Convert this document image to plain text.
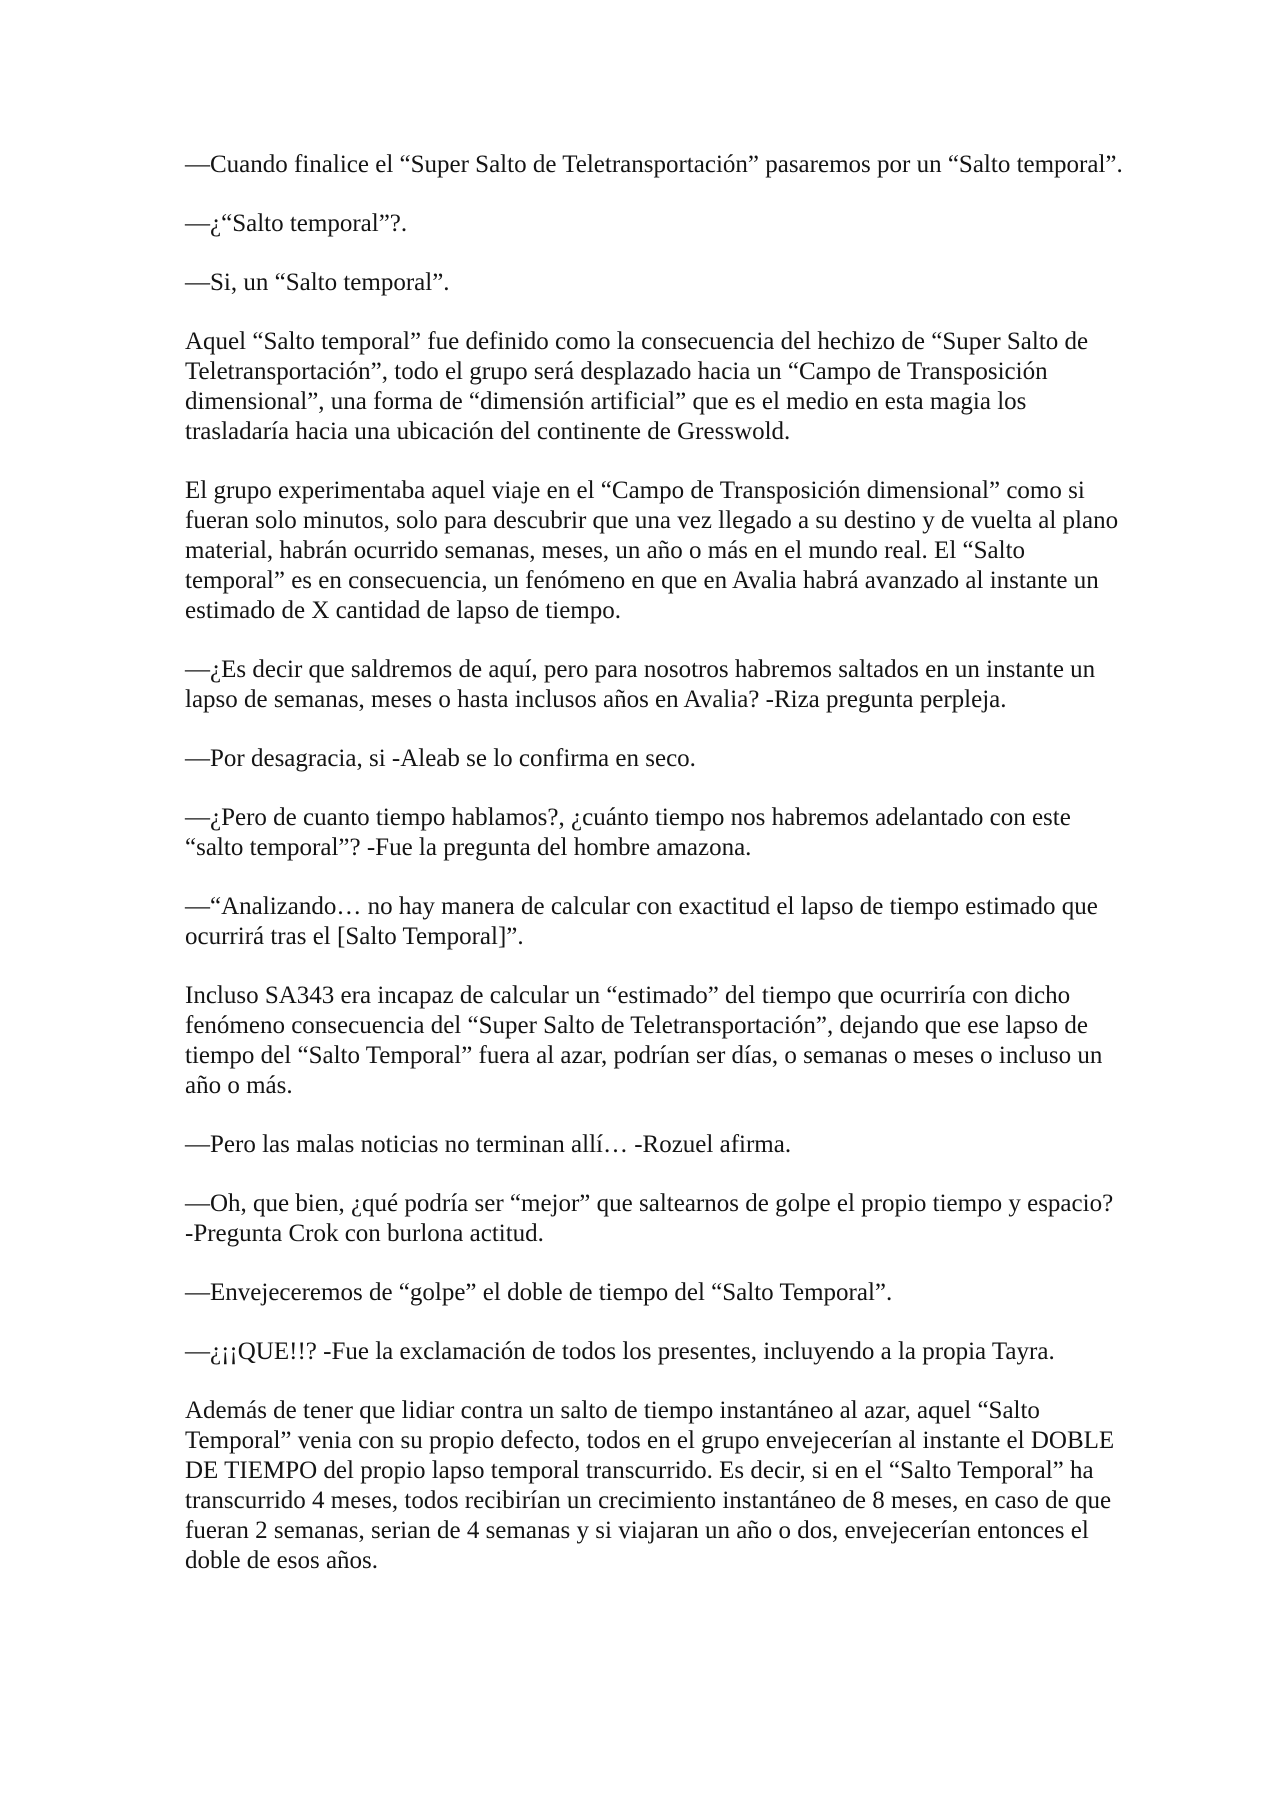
—Cuando finalice el “Super Salto de Teletransportación” pasaremos por un “Salto temporal”.

—¿“Salto temporal”?.

—Si, un “Salto temporal”.

Aquel “Salto temporal” fue definido como la consecuencia del hechizo de “Super Salto de Teletransportación”, todo el grupo será desplazado hacia un “Campo de Transposición dimensional”, una forma de “dimensión artificial” que es el medio en esta magia los trasladaría hacia una ubicación del continente de Gresswold.

El grupo experimentaba aquel viaje en el “Campo de Transposición dimensional” como si fueran solo minutos, solo para descubrir que una vez llegado a su destino y de vuelta al plano material, habrán ocurrido semanas, meses, un año o más en el mundo real. El “Salto temporal” es en consecuencia, un fenómeno en que en Avalia habrá avanzado al instante un estimado de X cantidad de lapso de tiempo.

—¿Es decir que saldremos de aquí, pero para nosotros habremos saltados en un instante un lapso de semanas, meses o hasta inclusos años en Avalia? -Riza pregunta perpleja.

—Por desagracia, si -Aleab se lo confirma en seco.

—¿Pero de cuanto tiempo hablamos?, ¿cuánto tiempo nos habremos adelantado con este “salto temporal”? -Fue la pregunta del hombre amazona.

—“Analizando… no hay manera de calcular con exactitud el lapso de tiempo estimado que ocurrirá tras el [Salto Temporal]”.

Incluso SA343 era incapaz de calcular un “estimado” del tiempo que ocurriría con dicho fenómeno consecuencia del “Super Salto de Teletransportación”, dejando que ese lapso de tiempo del “Salto Temporal” fuera al azar, podrían ser días, o semanas o meses o incluso un año o más.

—Pero las malas noticias no terminan allí… -Rozuel afirma.

—Oh, que bien, ¿qué podría ser “mejor” que saltearnos de golpe el propio tiempo y espacio? -Pregunta Crok con burlona actitud.

—Envejeceremos de “golpe” el doble de tiempo del “Salto Temporal”.

—¿¡¡QUE!!? -Fue la exclamación de todos los presentes, incluyendo a la propia Tayra.

Además de tener que lidiar contra un salto de tiempo instantáneo al azar, aquel “Salto Temporal” venia con su propio defecto, todos en el grupo envejecerían al instante el DOBLE DE TIEMPO del propio lapso temporal transcurrido. Es decir, si en el “Salto Temporal” ha transcurrido 4 meses, todos recibirían un crecimiento instantáneo de 8 meses, en caso de que fueran 2 semanas, serian de 4 semanas y si viajaran un año o dos, envejecerían entonces el doble de esos años.
